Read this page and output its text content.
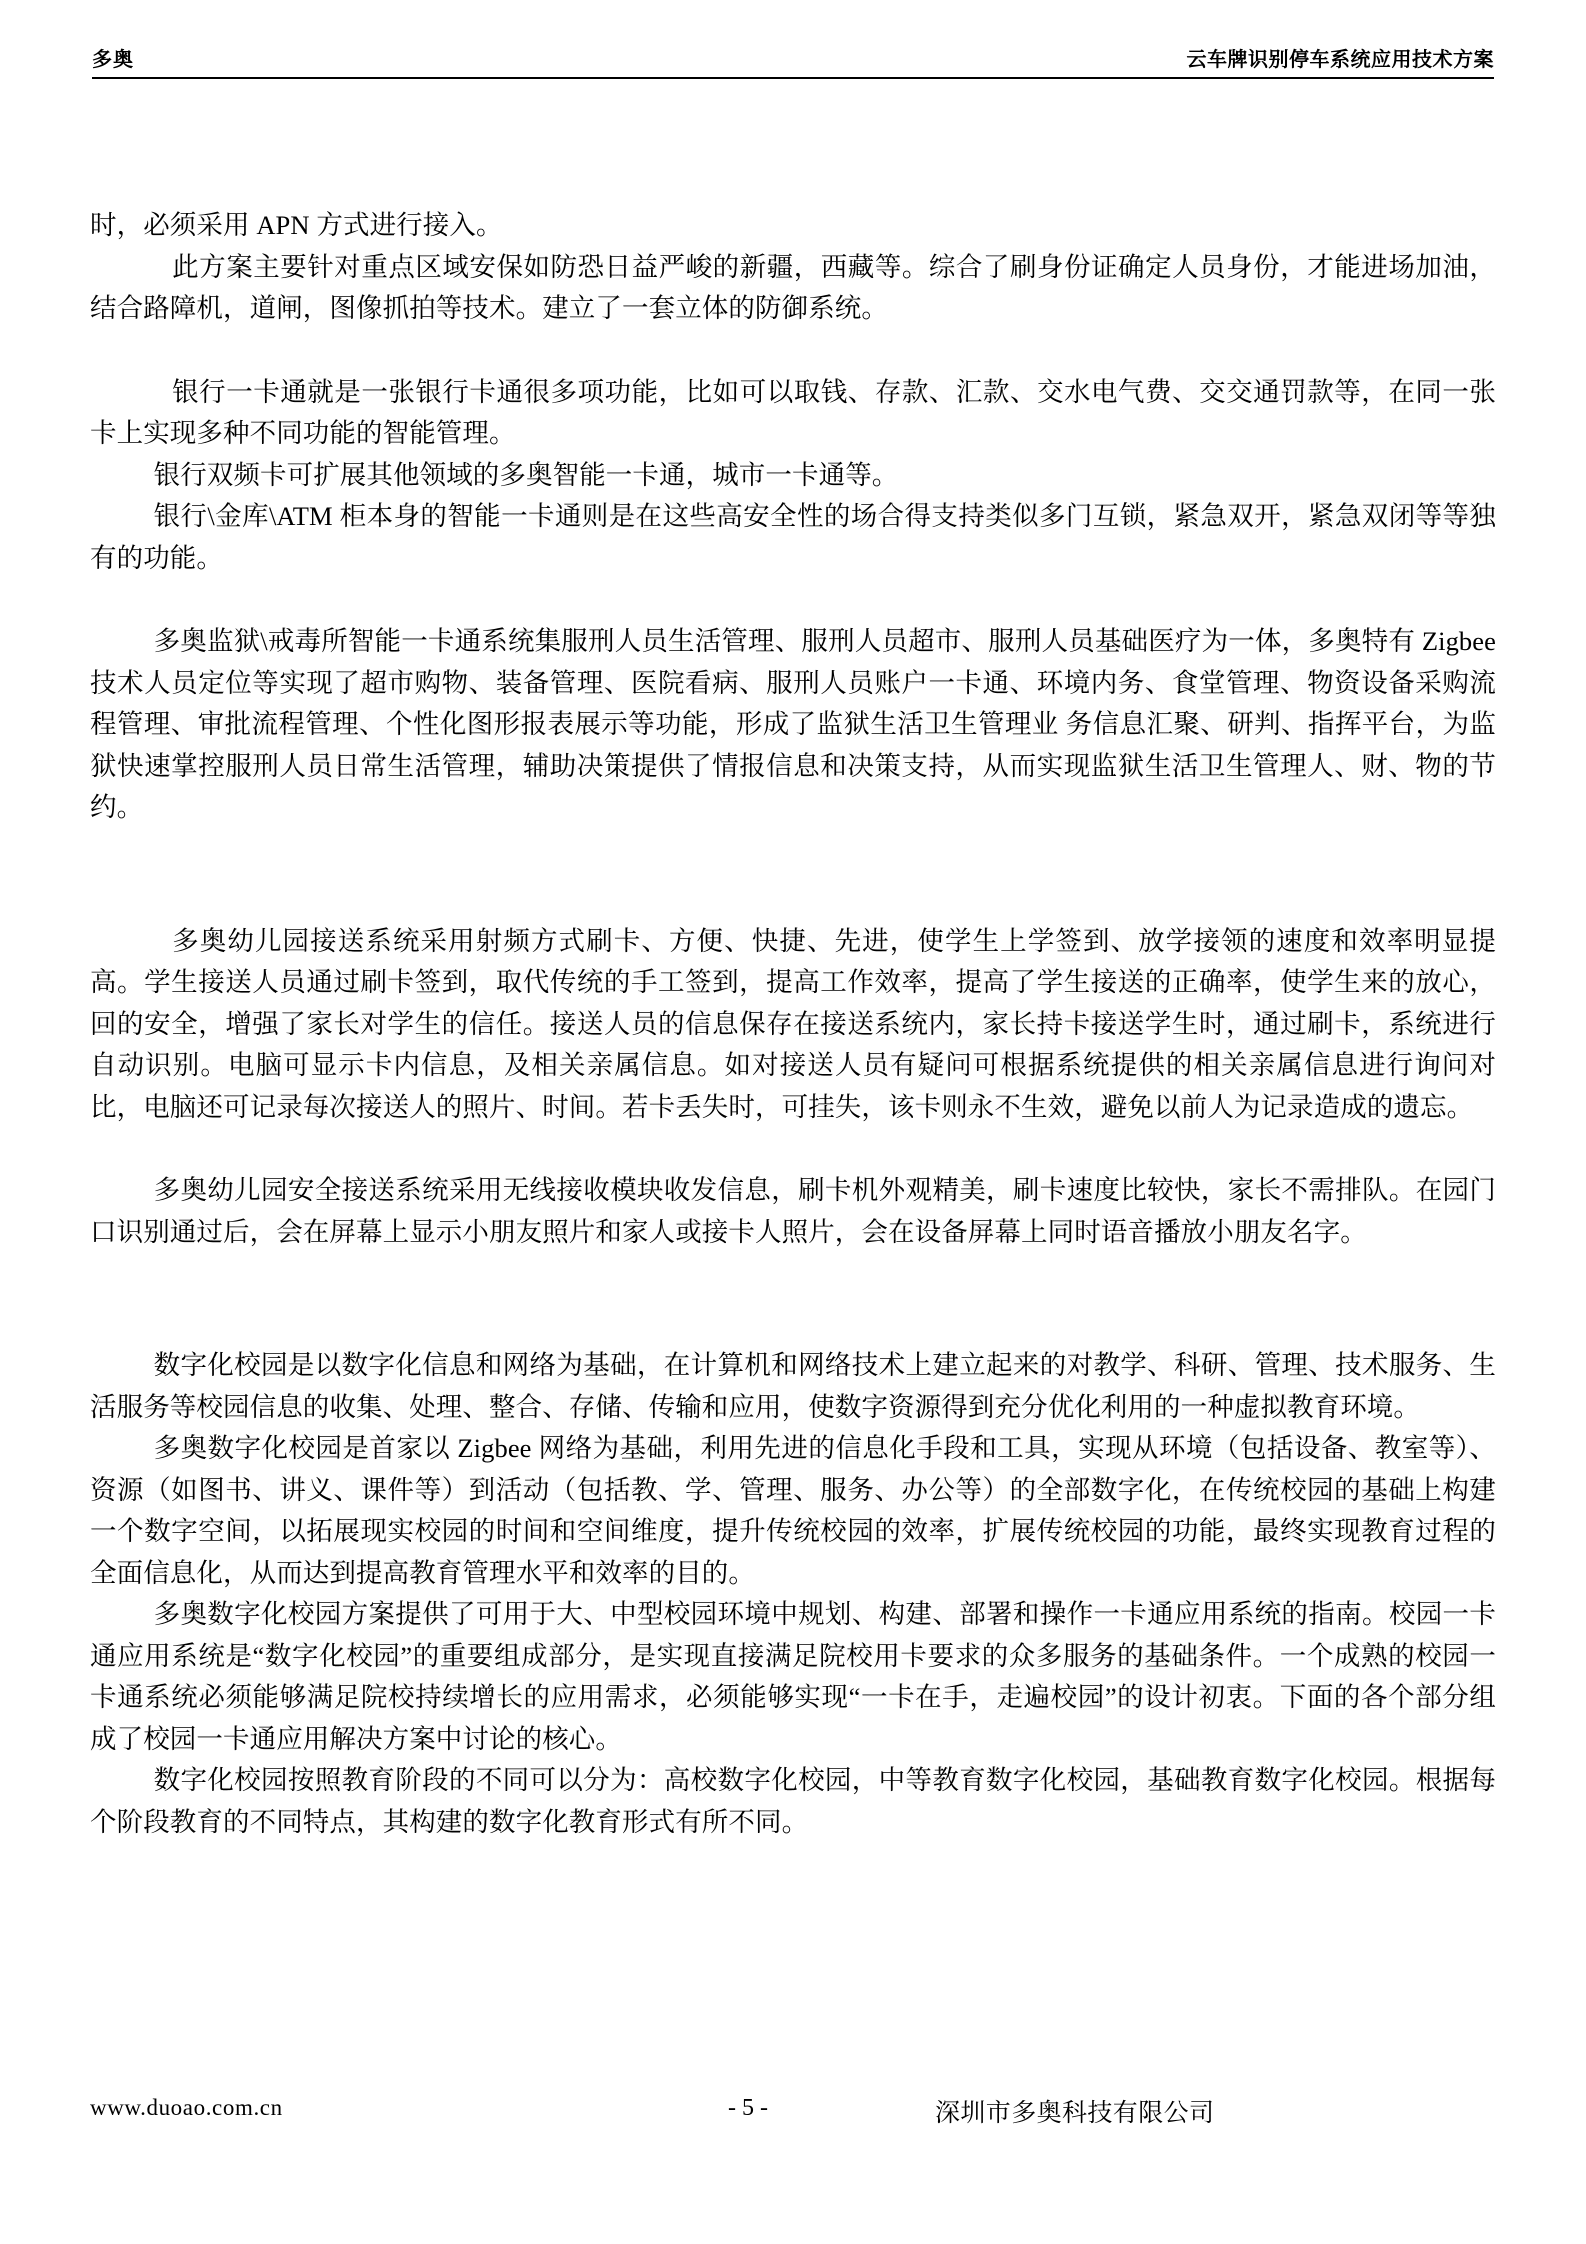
多奥	云车牌识别停车系统应用技术方案

时，必须采用 APN 方式进行接入。

此方案主要针对重点区域安保如防恐日益严峻的新疆，西藏等。综合了刷身份证确定人员身份，才能进场加油，结合路障机，道闸，图像抓拍等技术。建立了一套立体的防御系统。

银行一卡通就是一张银行卡通很多项功能，比如可以取钱、存款、汇款、交水电气费、交交通罚款等，在同一张卡上实现多种不同功能的智能管理。

银行双频卡可扩展其他领域的多奥智能一卡通，城市一卡通等。

银行\金库\ATM 柜本身的智能一卡通则是在这些高安全性的场合得支持类似多门互锁，紧急双开，紧急双闭等等独有的功能。

多奥监狱\戒毒所智能一卡通系统集服刑人员生活管理、服刑人员超市、服刑人员基础医疗为一体，多奥特有 Zigbee 技术人员定位等实现了超市购物、装备管理、医院看病、服刑人员账户一卡通、环境内务、食堂管理、物资设备采购流程管理、审批流程管理、个性化图形报表展示等功能，形成了监狱生活卫生管理业 务信息汇聚、研判、指挥平台，为监狱快速掌控服刑人员日常生活管理，辅助决策提供了情报信息和决策支持，从而实现监狱生活卫生管理人、财、物的节约。

多奥幼儿园接送系统采用射频方式刷卡、方便、快捷、先进，使学生上学签到、放学接领的速度和效率明显提高。学生接送人员通过刷卡签到，取代传统的手工签到，提高工作效率，提高了学生接送的正确率，使学生来的放心，回的安全，增强了家长对学生的信任。接送人员的信息保存在接送系统内，家长持卡接送学生时，通过刷卡，系统进行自动识别。电脑可显示卡内信息，及相关亲属信息。如对接送人员有疑问可根据系统提供的相关亲属信息进行询问对比，电脑还可记录每次接送人的照片、时间。若卡丢失时，可挂失，该卡则永不生效，避免以前人为记录造成的遗忘。

多奥幼儿园安全接送系统采用无线接收模块收发信息，刷卡机外观精美，刷卡速度比较快，家长不需排队。在园门口识别通过后，会在屏幕上显示小朋友照片和家人或接卡人照片，会在设备屏幕上同时语音播放小朋友名字。

数字化校园是以数字化信息和网络为基础，在计算机和网络技术上建立起来的对教学、科研、管理、技术服务、生活服务等校园信息的收集、处理、整合、存储、传输和应用，使数字资源得到充分优化利用的一种虚拟教育环境。

多奥数字化校园是首家以 Zigbee 网络为基础，利用先进的信息化手段和工具，实现从环境（包括设备、教室等）、资源（如图书、讲义、课件等）到活动（包括教、学、管理、服务、办公等）的全部数字化，在传统校园的基础上构建一个数字空间，以拓展现实校园的时间和空间维度，提升传统校园的效率，扩展传统校园的功能，最终实现教育过程的全面信息化，从而达到提高教育管理水平和效率的目的。

多奥数字化校园方案提供了可用于大、中型校园环境中规划、构建、部署和操作一卡通应用系统的指南。校园一卡通应用系统是“数字化校园”的重要组成部分，是实现直接满足院校用卡要求的众多服务的基础条件。一个成熟的校园一卡通系统必须能够满足院校持续增长的应用需求，必须能够实现“一卡在手，走遍校园”的设计初衷。下面的各个部分组成了校园一卡通应用解决方案中讨论的核心。

数字化校园按照教育阶段的不同可以分为：高校数字化校园，中等教育数字化校园，基础教育数字化校园。根据每个阶段教育的不同特点，其构建的数字化教育形式有所不同。

www.duoao.com.cn	- 5 -	深圳市多奥科技有限公司
